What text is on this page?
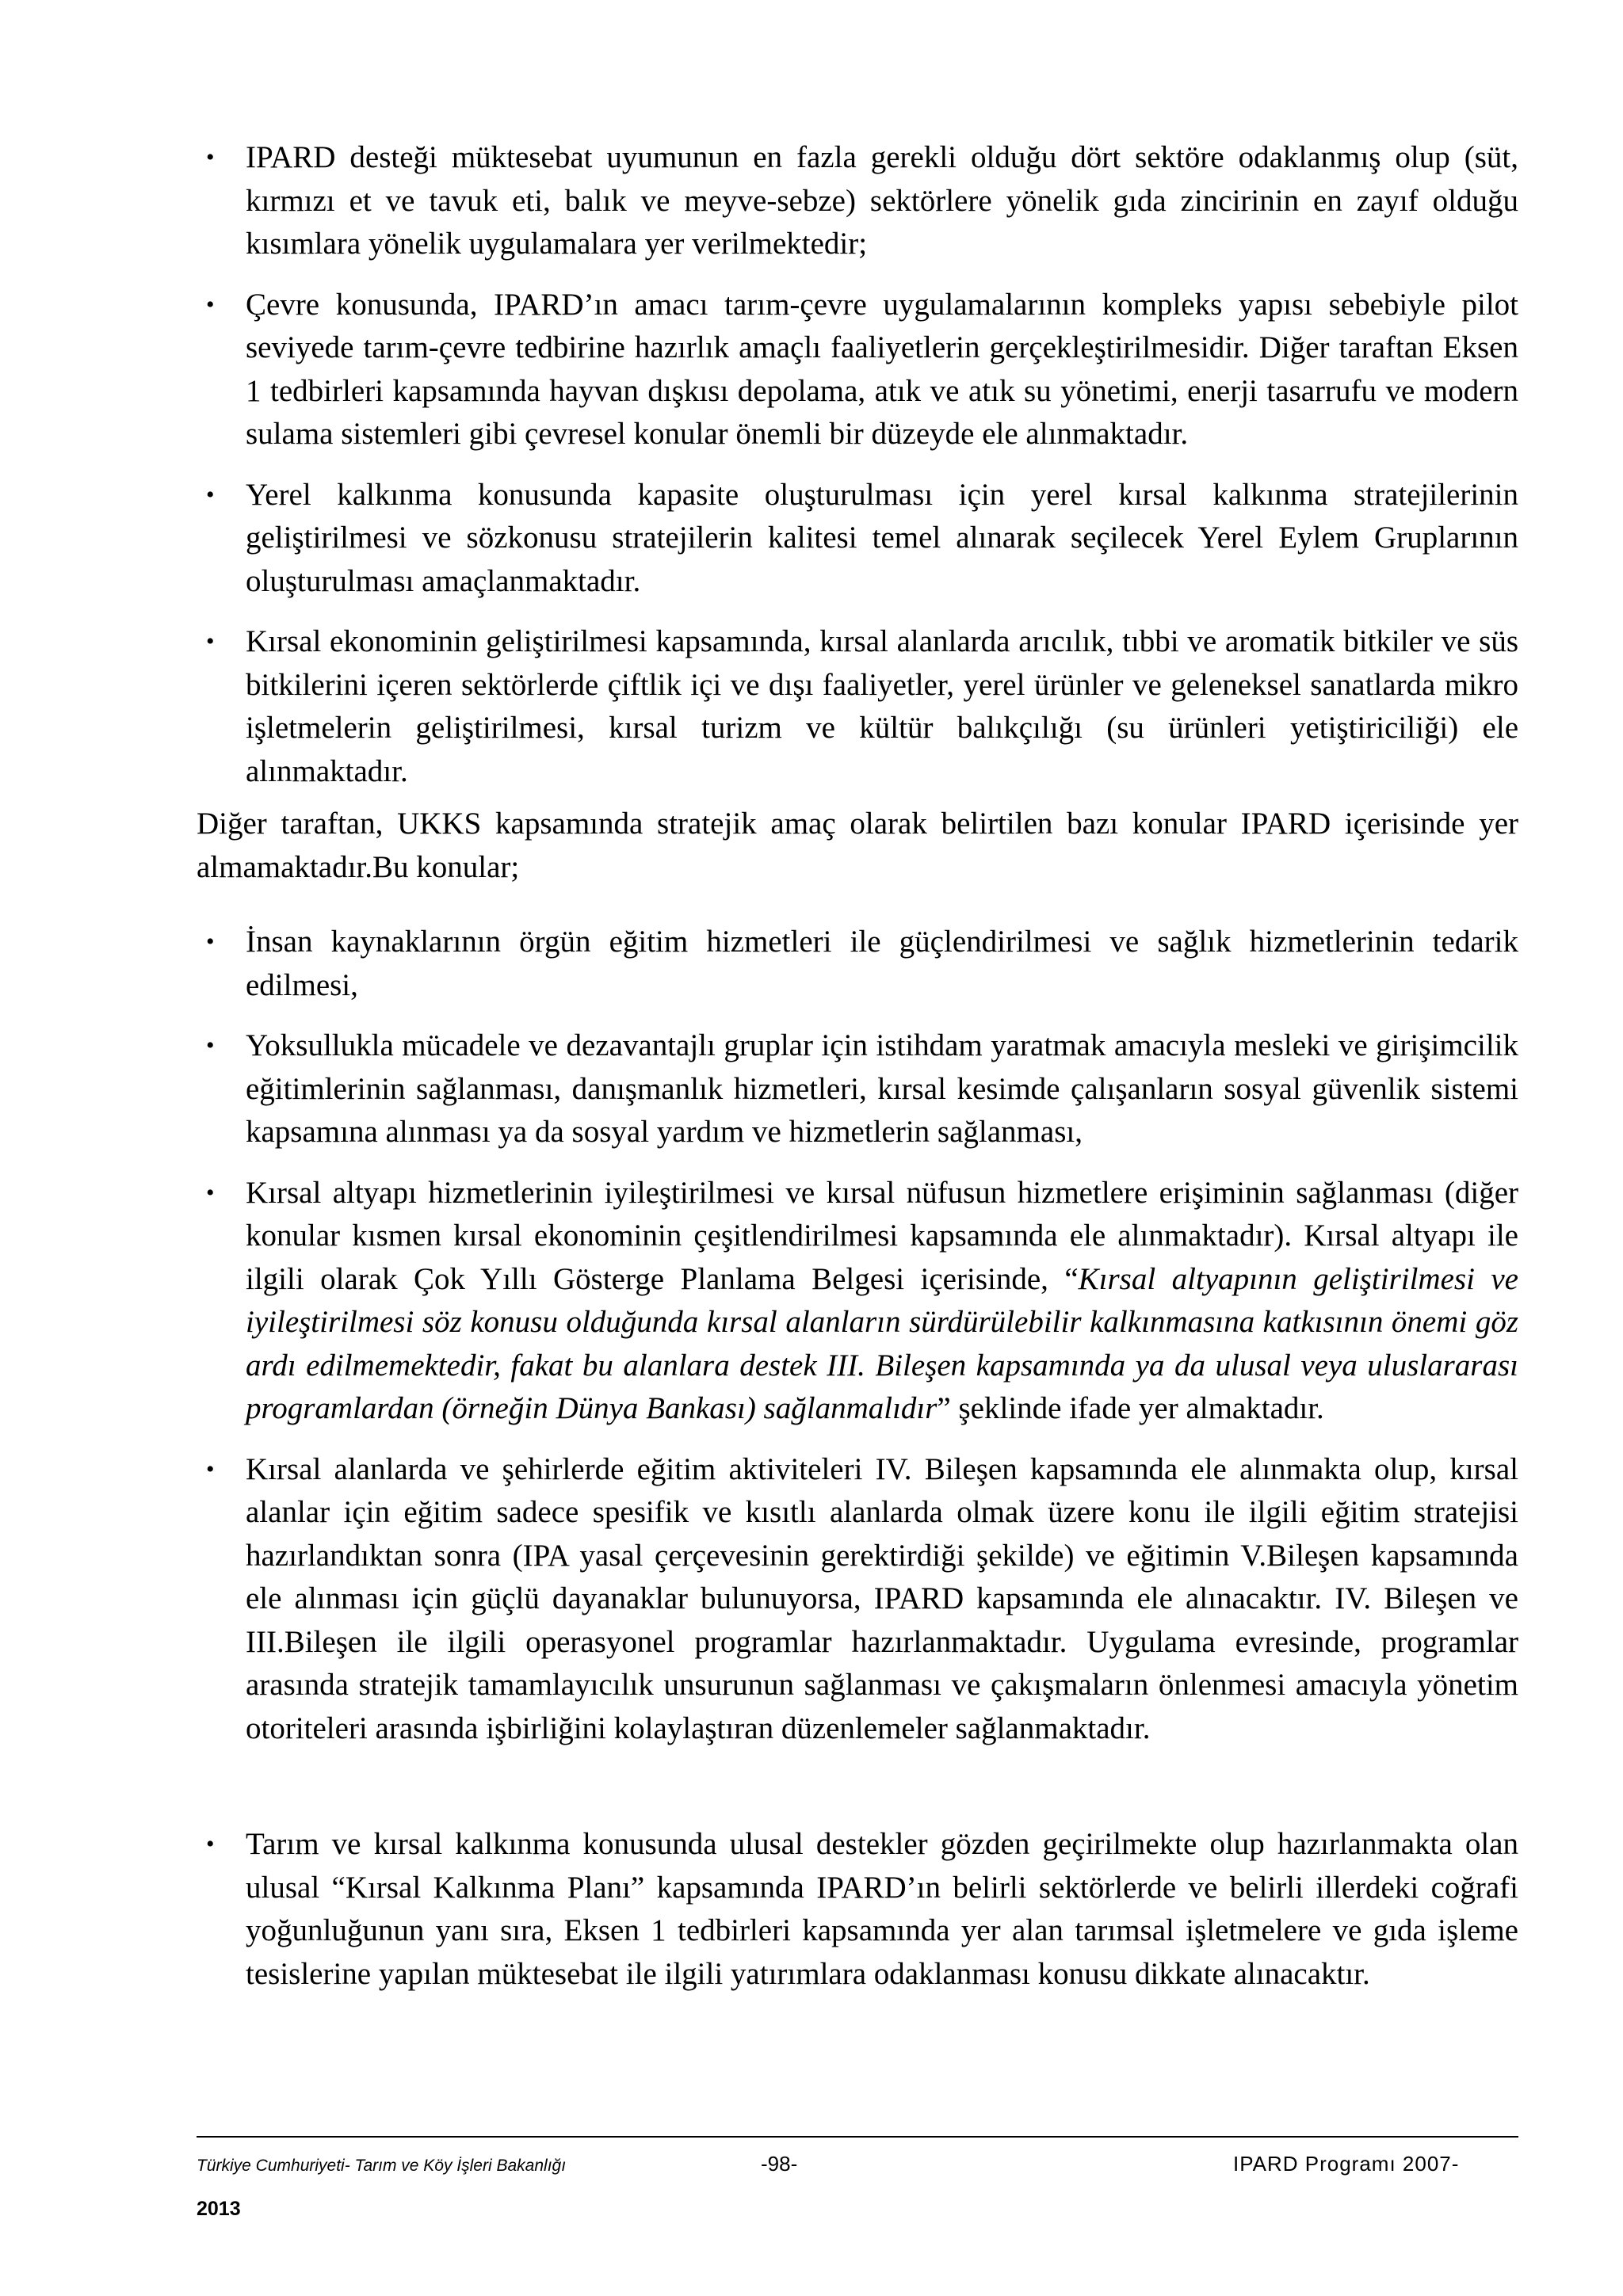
• IPARD desteği müktesebat uyumunun en fazla gerekli olduğu dört sektöre odaklanmış olup (süt, kırmızı et ve tavuk eti, balık ve meyve-sebze) sektörlere yönelik gıda zincirinin en zayıf olduğu kısımlara yönelik uygulamalara yer verilmektedir;
• Çevre konusunda, IPARD’ın amacı tarım-çevre uygulamalarının kompleks yapısı sebebiyle pilot seviyede tarım-çevre tedbirine hazırlık amaçlı faaliyetlerin gerçekleştirilmesidir. Diğer taraftan Eksen 1 tedbirleri kapsamında hayvan dışkısı depolama, atık ve atık su yönetimi, enerji tasarrufu ve modern sulama sistemleri gibi çevresel konular önemli bir düzeyde ele alınmaktadır.
• Yerel kalkınma konusunda kapasite oluşturulması için yerel kırsal kalkınma stratejilerinin geliştirilmesi ve sözkonusu stratejilerin kalitesi temel alınarak seçilecek Yerel Eylem Gruplarının oluşturulması amaçlanmaktadır.
• Kırsal ekonominin geliştirilmesi kapsamında, kırsal alanlarda arıcılık, tıbbi ve aromatik bitkiler ve süs bitkilerini içeren sektörlerde çiftlik içi ve dışı faaliyetler, yerel ürünler ve geleneksel sanatlarda mikro işletmelerin geliştirilmesi, kırsal turizm ve kültür balıkçılığı (su ürünleri yetiştiriciliği) ele alınmaktadır.
Diğer taraftan, UKKS kapsamında stratejik amaç olarak belirtilen bazı konular IPARD içerisinde yer almamaktadır.Bu konular;
• İnsan kaynaklarının örgün eğitim hizmetleri ile güçlendirilmesi ve sağlık hizmetlerinin tedarik edilmesi,
• Yoksullukla mücadele ve dezavantajlı gruplar için istihdam yaratmak amacıyla mesleki ve girişimcilik eğitimlerinin sağlanması, danışmanlık hizmetleri, kırsal kesimde çalışanların sosyal güvenlik sistemi kapsamına alınması ya da sosyal yardım ve hizmetlerin sağlanması,
• Kırsal altyapı hizmetlerinin iyileştirilmesi ve kırsal nüfusun hizmetlere erişiminin sağlanması (diğer konular kısmen kırsal ekonominin çeşitlendirilmesi kapsamında ele alınmaktadır). Kırsal altyapı ile ilgili olarak Çok Yıllı Gösterge Planlama Belgesi içerisinde, “Kırsal altyapının geliştirilmesi ve iyileştirilmesi söz konusu olduğunda kırsal alanların sürdürülebilir kalkınmasına katkısının önemi göz ardı edilmemektedir, fakat bu alanlara destek III. Bileşen kapsamında ya da ulusal veya uluslararası programlardan (örneğin Dünya Bankası) sağlanmalıdır” şeklinde ifade yer almaktadır.
• Kırsal alanlarda ve şehirlerde eğitim aktiviteleri IV. Bileşen kapsamında ele alınmakta olup, kırsal alanlar için eğitim sadece spesifik ve kısıtlı alanlarda olmak üzere konu ile ilgili eğitim stratejisi hazırlandıktan sonra (IPA yasal çerçevesinin gerektirdiği şekilde) ve eğitimin V.Bileşen kapsamında ele alınması için güçlü dayanaklar bulunuyorsa, IPARD kapsamında ele alınacaktır. IV. Bileşen ve III.Bileşen ile ilgili operasyonel programlar hazırlanmaktadır. Uygulama evresinde, programlar arasında stratejik tamamlayıcılık unsurunun sağlanması ve çakışmaların önlenmesi amacıyla yönetim otoriteleri arasında işbirliğini kolaylaştıran düzenlemeler sağlanmaktadır.
• Tarım ve kırsal kalkınma konusunda ulusal destekler gözden geçirilmekte olup hazırlanmakta olan ulusal “Kırsal Kalkınma Planı” kapsamında IPARD’ın belirli sektörlerde ve belirli illerdeki coğrafi yoğunluğunun yanı sıra, Eksen 1 tedbirleri kapsamında yer alan tarımsal işletmelere ve gıda işleme tesislerine yapılan müktesebat ile ilgili yatırımlara odaklanması konusu dikkate alınacaktır.
Türkiye Cumhuriyeti- Tarım ve Köy İşleri Bakanlığı	-98-	IPARD Programı 2007-
2013
